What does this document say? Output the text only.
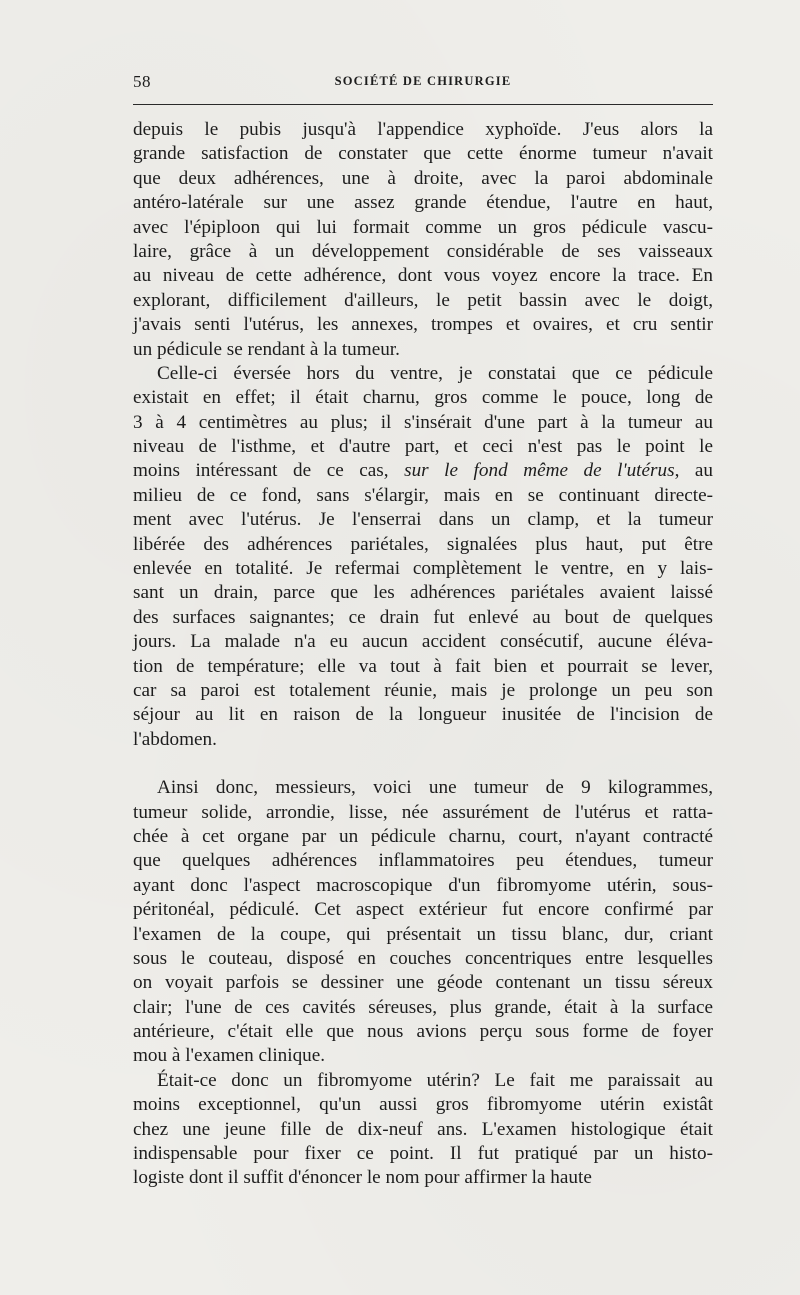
58	SOCIÉTÉ DE CHIRURGIE
depuis le pubis jusqu'à l'appendice xyphoïde. J'eus alors la
grande satisfaction de constater que cette énorme tumeur n'avait
que deux adhérences, une à droite, avec la paroi abdominale
antéro-latérale sur une assez grande étendue, l'autre en haut,
avec l'épiploon qui lui formait comme un gros pédicule vascu-
laire, grâce à un développement considérable de ses vaisseaux
au niveau de cette adhérence, dont vous voyez encore la trace. En
explorant, difficilement d'ailleurs, le petit bassin avec le doigt,
j'avais senti l'utérus, les annexes, trompes et ovaires, et cru sentir
un pédicule se rendant à la tumeur.
Celle-ci éversée hors du ventre, je constatai que ce pédicule
existait en effet; il était charnu, gros comme le pouce, long de
3 à 4 centimètres au plus; il s'insérait d'une part à la tumeur au
niveau de l'isthme, et d'autre part, et ceci n'est pas le point le
moins intéressant de ce cas, sur le fond même de l'utérus, au
milieu de ce fond, sans s'élargir, mais en se continuant directe-
ment avec l'utérus. Je l'enserrai dans un clamp, et la tumeur
libérée des adhérences pariétales, signalées plus haut, put être
enlevée en totalité. Je refermai complètement le ventre, en y lais-
sant un drain, parce que les adhérences pariétales avaient laissé
des surfaces saignantes; ce drain fut enlevé au bout de quelques
jours. La malade n'a eu aucun accident consécutif, aucune éléva-
tion de température; elle va tout à fait bien et pourrait se lever,
car sa paroi est totalement réunie, mais je prolonge un peu son
séjour au lit en raison de la longueur inusitée de l'incision de
l'abdomen.
Ainsi donc, messieurs, voici une tumeur de 9 kilogrammes,
tumeur solide, arrondie, lisse, née assurément de l'utérus et ratta-
chée à cet organe par un pédicule charnu, court, n'ayant contracté
que quelques adhérences inflammatoires peu étendues, tumeur
ayant donc l'aspect macroscopique d'un fibromyome utérin, sous-
péritonéal, pédiculé. Cet aspect extérieur fut encore confirmé par
l'examen de la coupe, qui présentait un tissu blanc, dur, criant
sous le couteau, disposé en couches concentriques entre lesquelles
on voyait parfois se dessiner une géode contenant un tissu séreux
clair; l'une de ces cavités séreuses, plus grande, était à la surface
antérieure, c'était elle que nous avions perçu sous forme de foyer
mou à l'examen clinique.
Était-ce donc un fibromyome utérin? Le fait me paraissait au
moins exceptionnel, qu'un aussi gros fibromyome utérin existât
chez une jeune fille de dix-neuf ans. L'examen histologique était
indispensable pour fixer ce point. Il fut pratiqué par un histo-
logiste dont il suffit d'énoncer le nom pour affirmer la haute
